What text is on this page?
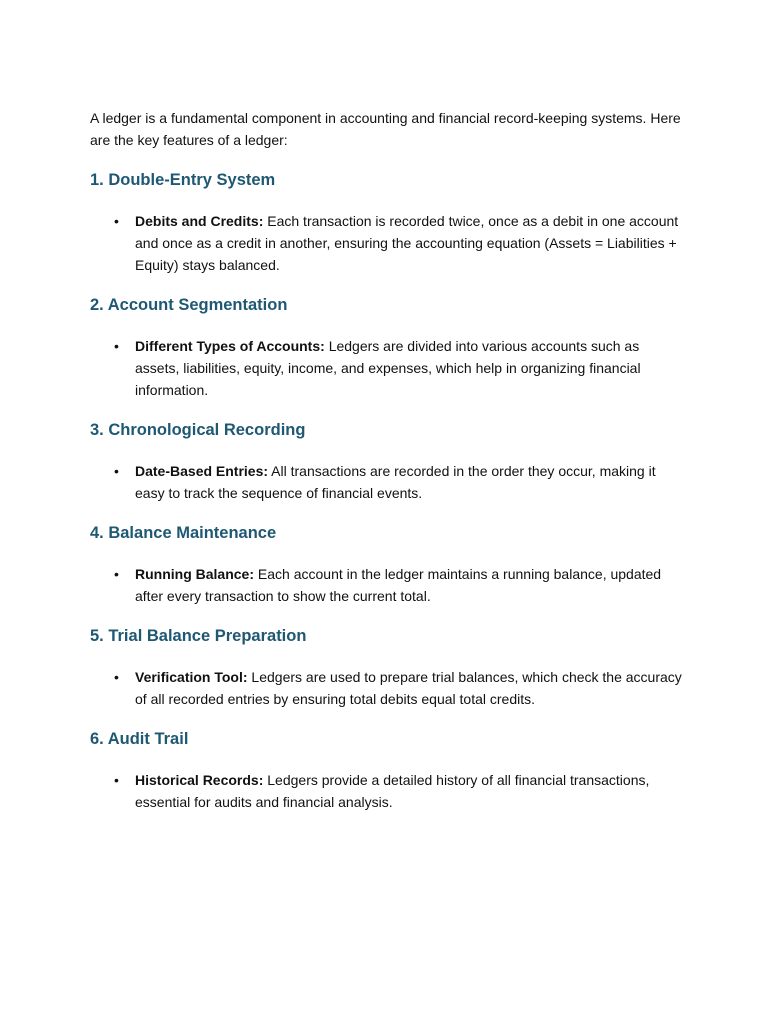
A ledger is a fundamental component in accounting and financial record-keeping systems. Here are the key features of a ledger:

1. Double-Entry System
• Debits and Credits: Each transaction is recorded twice, once as a debit in one account and once as a credit in another, ensuring the accounting equation (Assets = Liabilities + Equity) stays balanced.
2. Account Segmentation
• Different Types of Accounts: Ledgers are divided into various accounts such as assets, liabilities, equity, income, and expenses, which help in organizing financial information.
3. Chronological Recording
• Date-Based Entries: All transactions are recorded in the order they occur, making it easy to track the sequence of financial events.
4. Balance Maintenance
• Running Balance: Each account in the ledger maintains a running balance, updated after every transaction to show the current total.
5. Trial Balance Preparation
• Verification Tool: Ledgers are used to prepare trial balances, which check the accuracy of all recorded entries by ensuring total debits equal total credits.
6. Audit Trail
• Historical Records: Ledgers provide a detailed history of all financial transactions, essential for audits and financial analysis.
